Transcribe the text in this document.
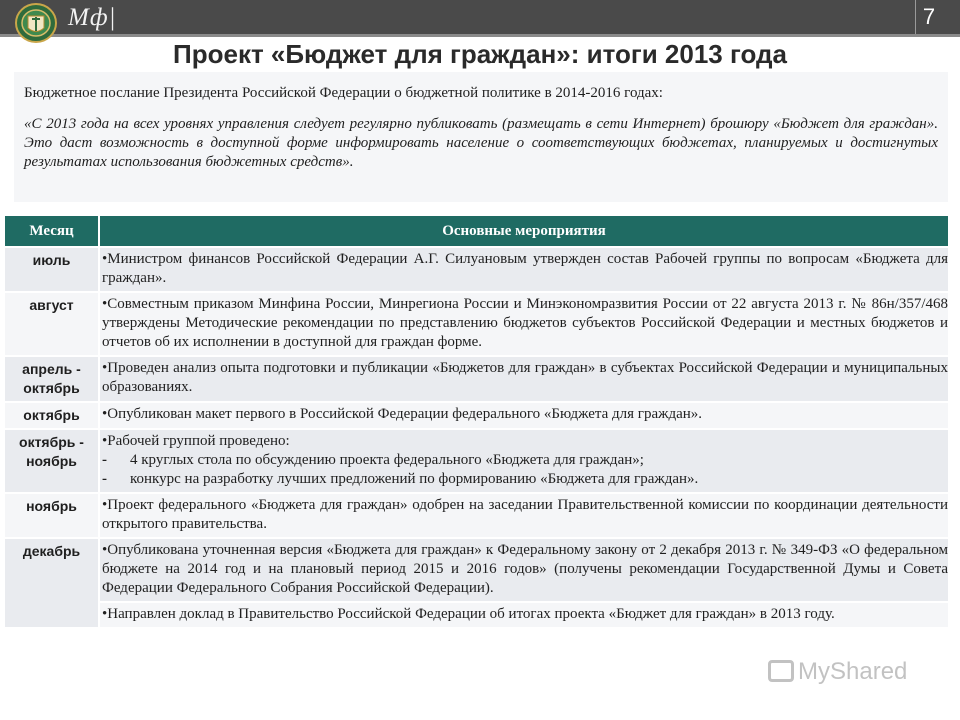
Мф|	7
Проект «Бюджет для граждан»: итоги 2013 года

Бюджетное послание Президента Российской Федерации о бюджетной политике в 2014-2016 годах:

«С 2013 года на всех уровнях управления следует регулярно публиковать (размещать в сети Интернет) брошюру «Бюджет для граждан». Это даст возможность в доступной форме информировать население о соответствующих бюджетах, планируемых и достигнутых результатах использования бюджетных средств».

Месяц	Основные мероприятия
июль	•Министром финансов Российской Федерации А.Г. Силуановым утвержден состав Рабочей группы по вопросам «Бюджета для граждан».
август	•Совместным приказом Минфина России, Минрегиона России и Минэкономразвития России от 22 августа 2013 г. № 86н/357/468 утверждены Методические рекомендации по представлению бюджетов субъектов Российской Федерации и местных бюджетов и отчетов об их исполнении в доступной для граждан форме.
апрель - октябрь	•Проведен анализ опыта подготовки и публикации «Бюджетов для граждан» в субъектах Российской Федерации и муниципальных образованиях.
октябрь	•Опубликован макет первого в Российской Федерации федерального «Бюджета для граждан».
октябрь - ноябрь	•Рабочей группой проведено:
- 4 круглых стола по обсуждению проекта федерального «Бюджета для граждан»;
- конкурс на разработку лучших предложений по формированию «Бюджета для граждан».

ноябрь	•Проект федерального «Бюджета для граждан» одобрен на заседании Правительственной комиссии по координации деятельности открытого правительства.
декабрь	•Опубликована уточненная версия «Бюджета для граждан» к Федеральному закону от 2 декабря 2013 г. № 349-ФЗ «О федеральном бюджете на 2014 год и на плановый период 2015 и 2016 годов» (получены рекомендации Государственной Думы и Совета Федерации Федерального Собрания Российской Федерации).
	•Направлен доклад в Правительство Российской Федерации об итогах проекта «Бюджет для граждан» в 2013 году.
MyShared
